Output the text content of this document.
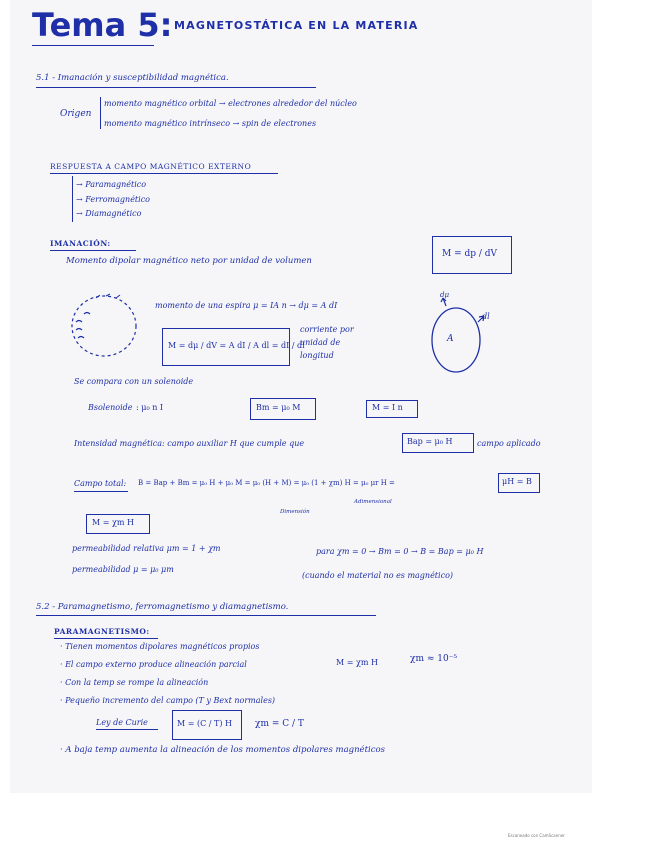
Tema 5: MAGNETOSTÁTICA EN LA MATERIA
5.1 - Imanación y susceptibilidad magnética.
Origen
momento magnético orbital → electrones alrededor del núcleo
momento magnético intrínseco → spin de electrones
RESPUESTA A CAMPO MAGNÉTICO EXTERNO
→ Paramagnético
→ Ferromagnético
→ Diamagnético
IMANACIÓN:
Momento dipolar magnético neto por unidad de volumen
M = dp / dV
momento de una espira μ = IA n → dμ = A dI
M = dμ / dV = A dI / A dl = dI / dl
corriente por
unidad de
longitud
A
dl
dμ
Se compara con un solenoide
Bsolenoide : μ₀ n I	Bm = μ₀ M	M = I n
Intensidad magnética: campo auxiliar H que cumple que	Bap = μ₀ H	campo aplicado
Campo total: B = Bap + Bm = μ₀ H + μ₀ M = μ₀ (H + M) = μ₀ (1 + χm) H = μ₀ μr H =	μH = B
Dimensión
Adimensional
M = χm H
permeabilidad relativa μm = 1 + χm
permeabilidad μ = μ₀ μm
para χm = 0 → Bm = 0 → B = Bap = μ₀ H
(cuando el material no es magnético)
5.2 - Paramagnetismo, ferromagnetismo y diamagnetismo.
PARAMAGNETISMO:
· Tienen momentos dipolares magnéticos propios
· El campo externo produce alineación parcial	M = χm H	χm ≈ 10⁻⁵
· Con la temp se rompe la alineación
· Pequeño incremento del campo (T y Bext normales)
Ley de Curie	M = (C / T) H	χm = C / T
· A baja temp aumenta la alineación de los momentos dipolares magnéticos
Escaneado con CamScanner
